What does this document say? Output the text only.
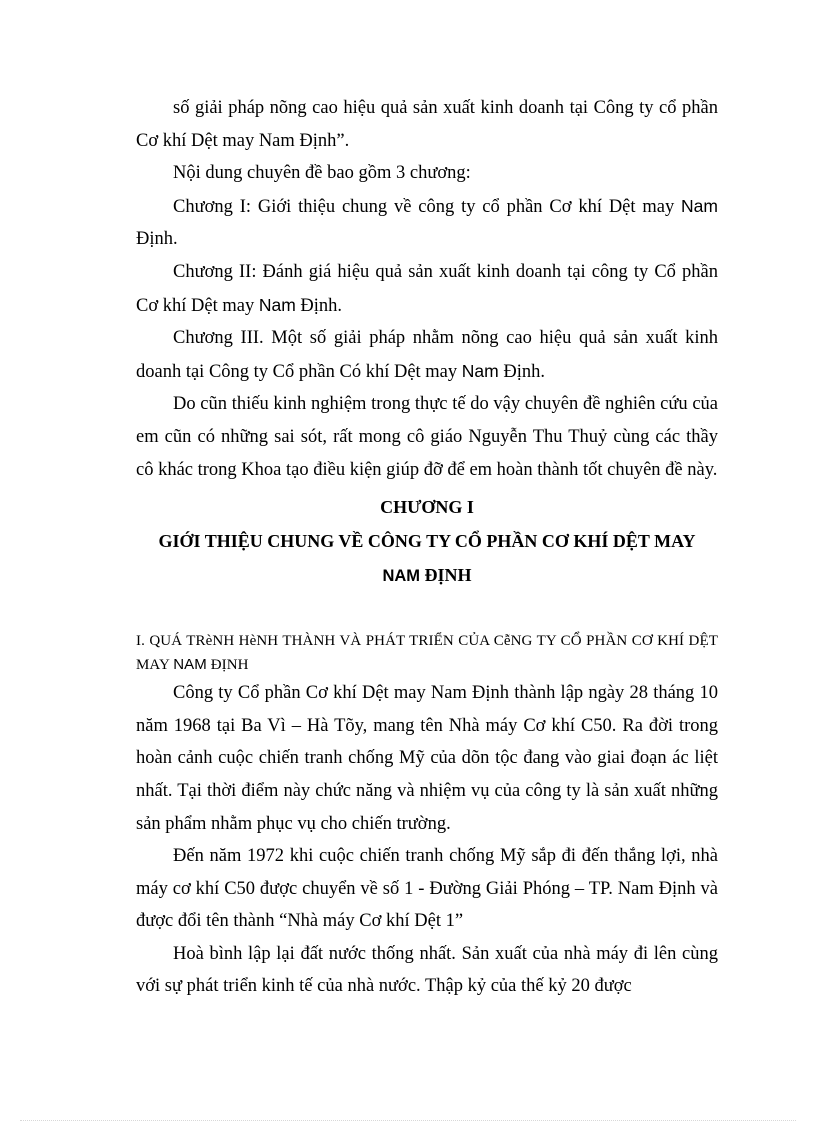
số giải pháp nõng cao hiệu quả sản xuất kinh doanh tại Công ty cổ phần Cơ khí Dệt may Nam Định”.

Nội dung chuyên đề bao gồm 3 chương:

Chương I: Giới thiệu chung về công ty cổ phần Cơ khí Dệt may Nam Định.

Chương II: Đánh giá hiệu quả sản xuất kinh doanh tại công ty Cổ phần Cơ khí Dệt may Nam Định.

Chương III. Một số giải pháp nhằm nõng cao hiệu quả sản xuất kinh doanh tại Công ty Cổ phần Có khí Dệt may Nam Định.

Do cũn thiếu kinh nghiệm trong thực tế do vậy chuyên đề nghiên cứu của em cũn có những sai sót, rất mong cô giáo Nguyễn Thu Thuỷ cùng các thầy cô khác trong Khoa tạo điều kiện giúp đỡ để em hoàn thành tốt chuyên đề này.

CHƯƠNG I

GIỚI THIỆU CHUNG VỀ CÔNG TY CỔ PHẦN CƠ KHÍ DỆT MAY

NAM ĐỊNH

I. QUÁ TRèNH HèNH THÀNH VÀ PHÁT TRIỂN CỦA CễNG TY CỔ PHẦN CƠ KHÍ DỆT MAY NAM ĐỊNH

Công ty Cổ phần Cơ khí Dệt may Nam Định thành lập ngày 28 tháng 10 năm 1968 tại Ba Vì – Hà Tõy, mang tên Nhà máy Cơ khí C50. Ra đời trong hoàn cảnh cuộc chiến tranh chống Mỹ của dõn tộc đang vào giai đoạn ác liệt nhất. Tại thời điểm này chức năng và nhiệm vụ của công ty là sản xuất những sản phẩm nhằm phục vụ cho chiến trường.

Đến năm 1972 khi cuộc chiến tranh chống Mỹ sắp đi đến thắng lợi, nhà máy cơ khí C50 được chuyển về số 1 - Đường Giải Phóng – TP. Nam Định và được đổi tên thành “Nhà máy Cơ khí Dệt 1”

Hoà bình lập lại đất nước thống nhất. Sản xuất của nhà máy đi lên cùng với sự phát triển kinh tế của nhà nước. Thập kỷ của thế kỷ 20 được
